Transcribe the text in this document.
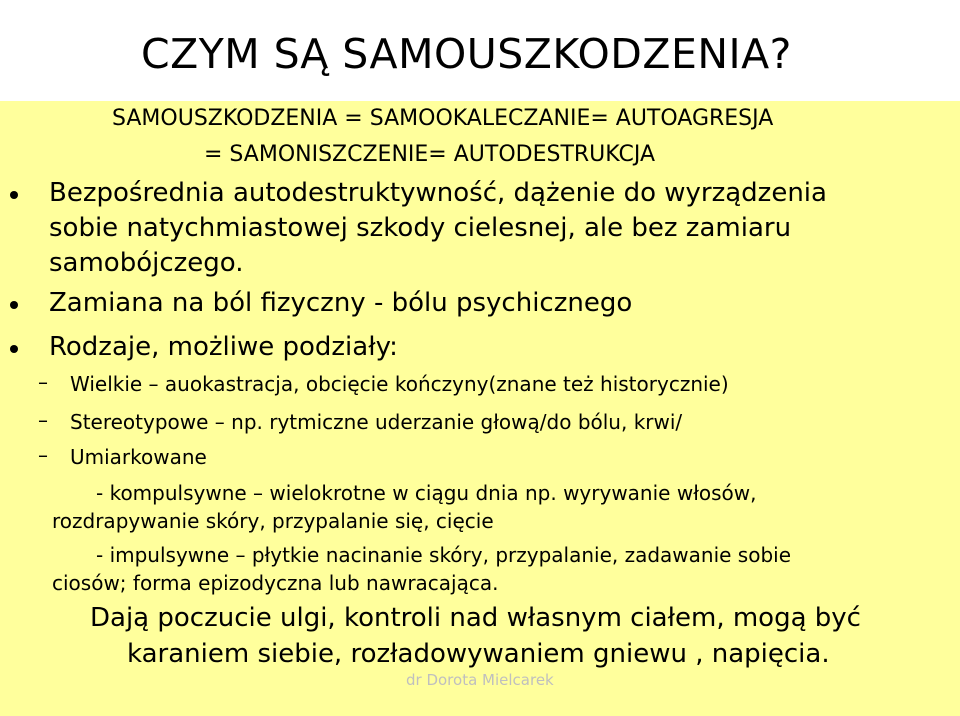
CZYM SĄ SAMOUSZKODZENIA?
SAMOUSZKODZENIA = SAMOOKALECZANIE= AUTOAGRESJA
= SAMONISZCZENIE= AUTODESTRUKCJA
Bezpośrednia autodestruktywność, dążenie do wyrządzenia
sobie natychmiastowej szkody cielesnej, ale bez zamiaru
samobójczego.
Zamiana na ból fizyczny - bólu psychicznego
Rodzaje, możliwe podziały:
– Wielkie – auokastracja, obcięcie kończyny(znane też historycznie)
– Stereotypowe – np. rytmiczne uderzanie głową/do bólu, krwi/
– Umiarkowane
- kompulsywne – wielokrotne w ciągu dnia np. wyrywanie włosów,
rozdrapywanie skóry, przypalanie się, cięcie
- impulsywne – płytkie nacinanie skóry, przypalanie, zadawanie sobie
ciosów; forma epizodyczna lub nawracająca.
Dają poczucie ulgi, kontroli nad własnym ciałem, mogą być
karaniem siebie, rozładowywaniem gniewu , napięcia.
dr Dorota Mielcarek
